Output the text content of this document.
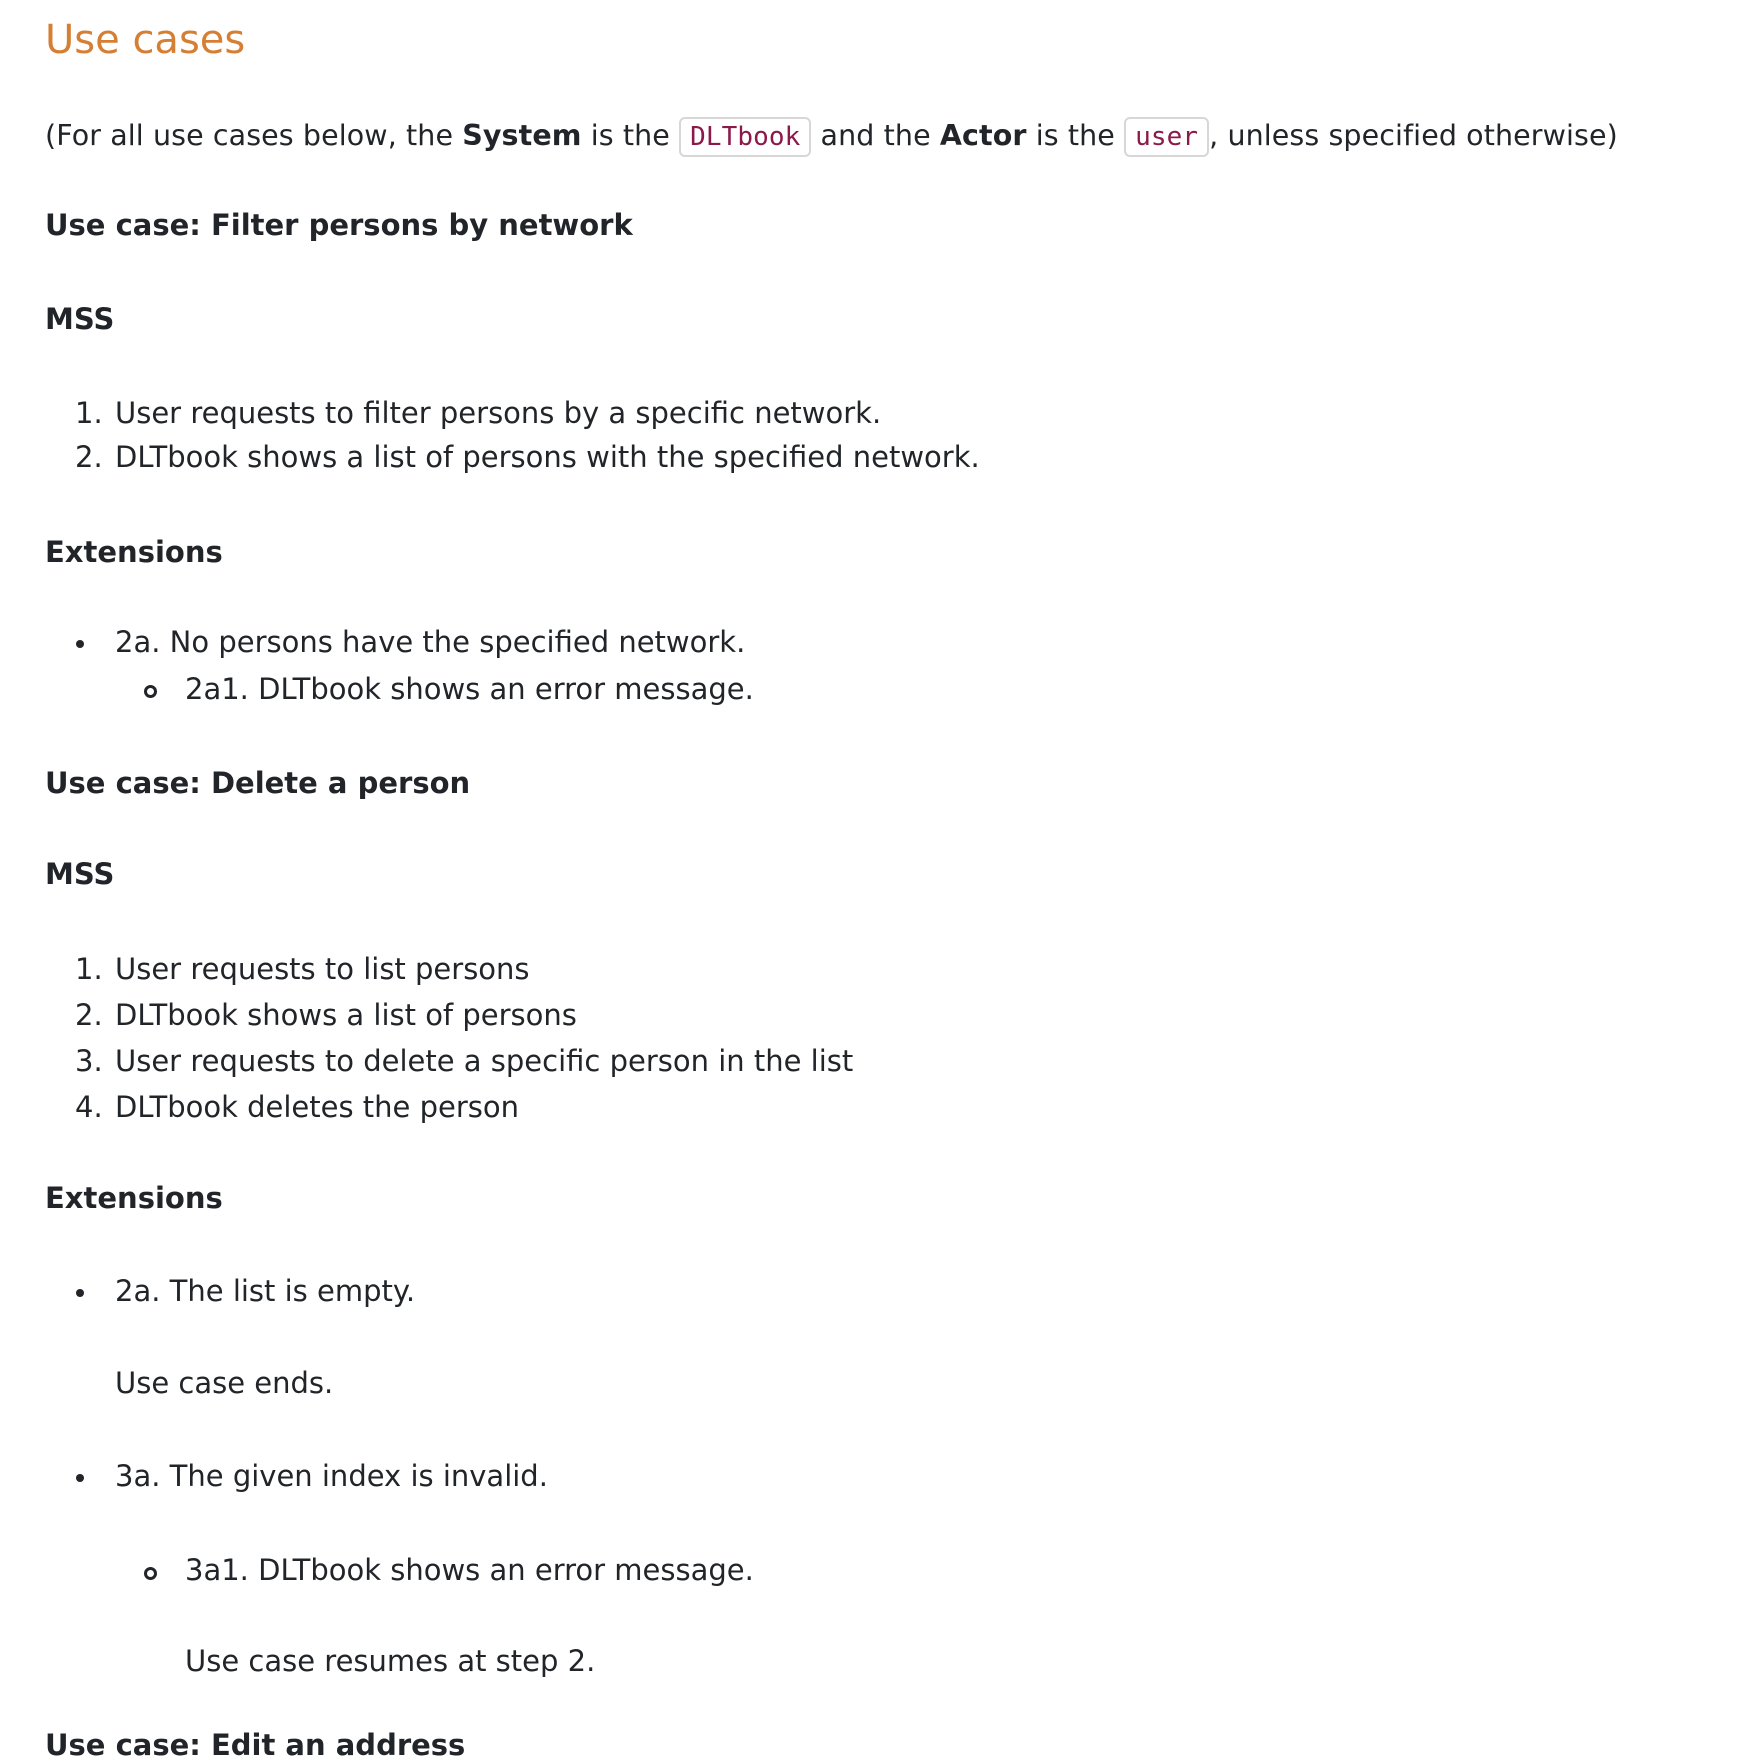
Use cases
(For all use cases below, the System is the DLTbook and the Actor is the user , unless specified otherwise)
Use case: Filter persons by network
MSS
1. User requests to filter persons by a specific network.
2. DLTbook shows a list of persons with the specified network.
Extensions
2a. No persons have the specified network.
2a1. DLTbook shows an error message.
Use case: Delete a person
MSS
1. User requests to list persons
2. DLTbook shows a list of persons
3. User requests to delete a specific person in the list
4. DLTbook deletes the person
Extensions
2a. The list is empty.
Use case ends.
3a. The given index is invalid.
3a1. DLTbook shows an error message.
Use case resumes at step 2.
Use case: Edit an address
